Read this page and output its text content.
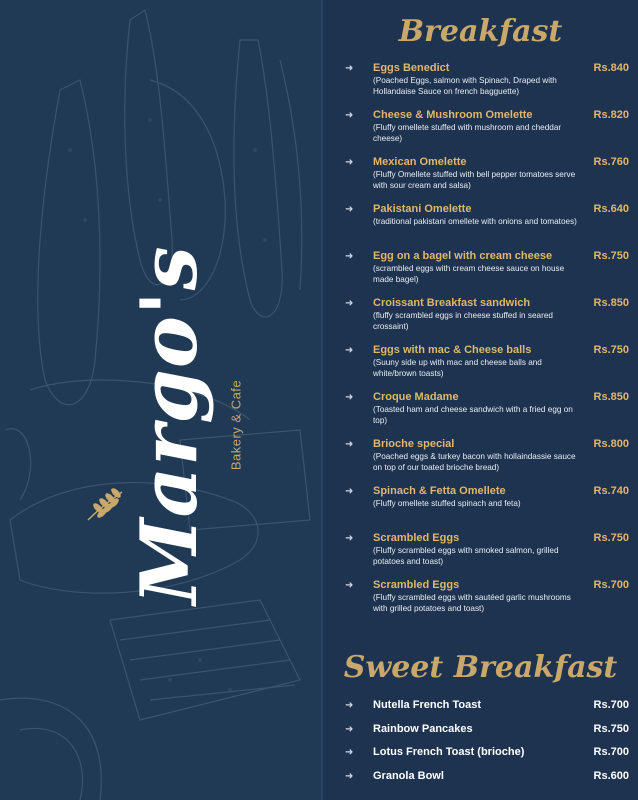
Margo's Bakery & Cafe
Breakfast
➜ Eggs Benedict	Rs.840
(Poached Eggs, salmon with Spinach, Draped with Hollandaise Sauce on french bagguette)
➜ Cheese & Mushroom Omelette	Rs.820
(Fluffy omellete stuffed with mushroom and cheddar cheese)
➜ Mexican Omelette	Rs.760
(Fluffy Omellete stuffed with bell pepper tomatoes serve with sour cream and salsa)
➜ Pakistani Omelette	Rs.640
(traditional pakistani omellete with onions and tomatoes)
➜ Egg on a bagel with cream cheese	Rs.750
(scrambled eggs with cream cheese sauce on house made bagel)
➜ Croissant Breakfast sandwich	Rs.850
(fluffy scrambled eggs in cheese stuffed in seared crossaint)
➜ Eggs with mac & Cheese balls	Rs.750
(Suuny side up with mac and cheese balls and white/brown toasts)
➜ Croque Madame	Rs.850
(Toasted ham and cheese sandwich with a fried egg on top)
➜ Brioche special	Rs.800
(Poached eggs & turkey bacon with hollaindassie sauce on top of our toated brioche bread)
➜ Spinach & Fetta Omellete	Rs.740
(Fluffy omellete stuffed spinach and feta)
➜ Scrambled Eggs	Rs.750
(Fluffy scrambled eggs with smoked salmon, grilled potatoes and toast)
➜ Scrambled Eggs	Rs.700
(Fluffy scrambled eggs with sautéed garlic mushrooms with grilled potatoes and toast)
Sweet Breakfast
➜ Nutella French Toast	Rs.700
➜ Rainbow Pancakes	Rs.750
➜ Lotus French Toast (brioche)	Rs.700
➜ Granola Bowl	Rs.600
